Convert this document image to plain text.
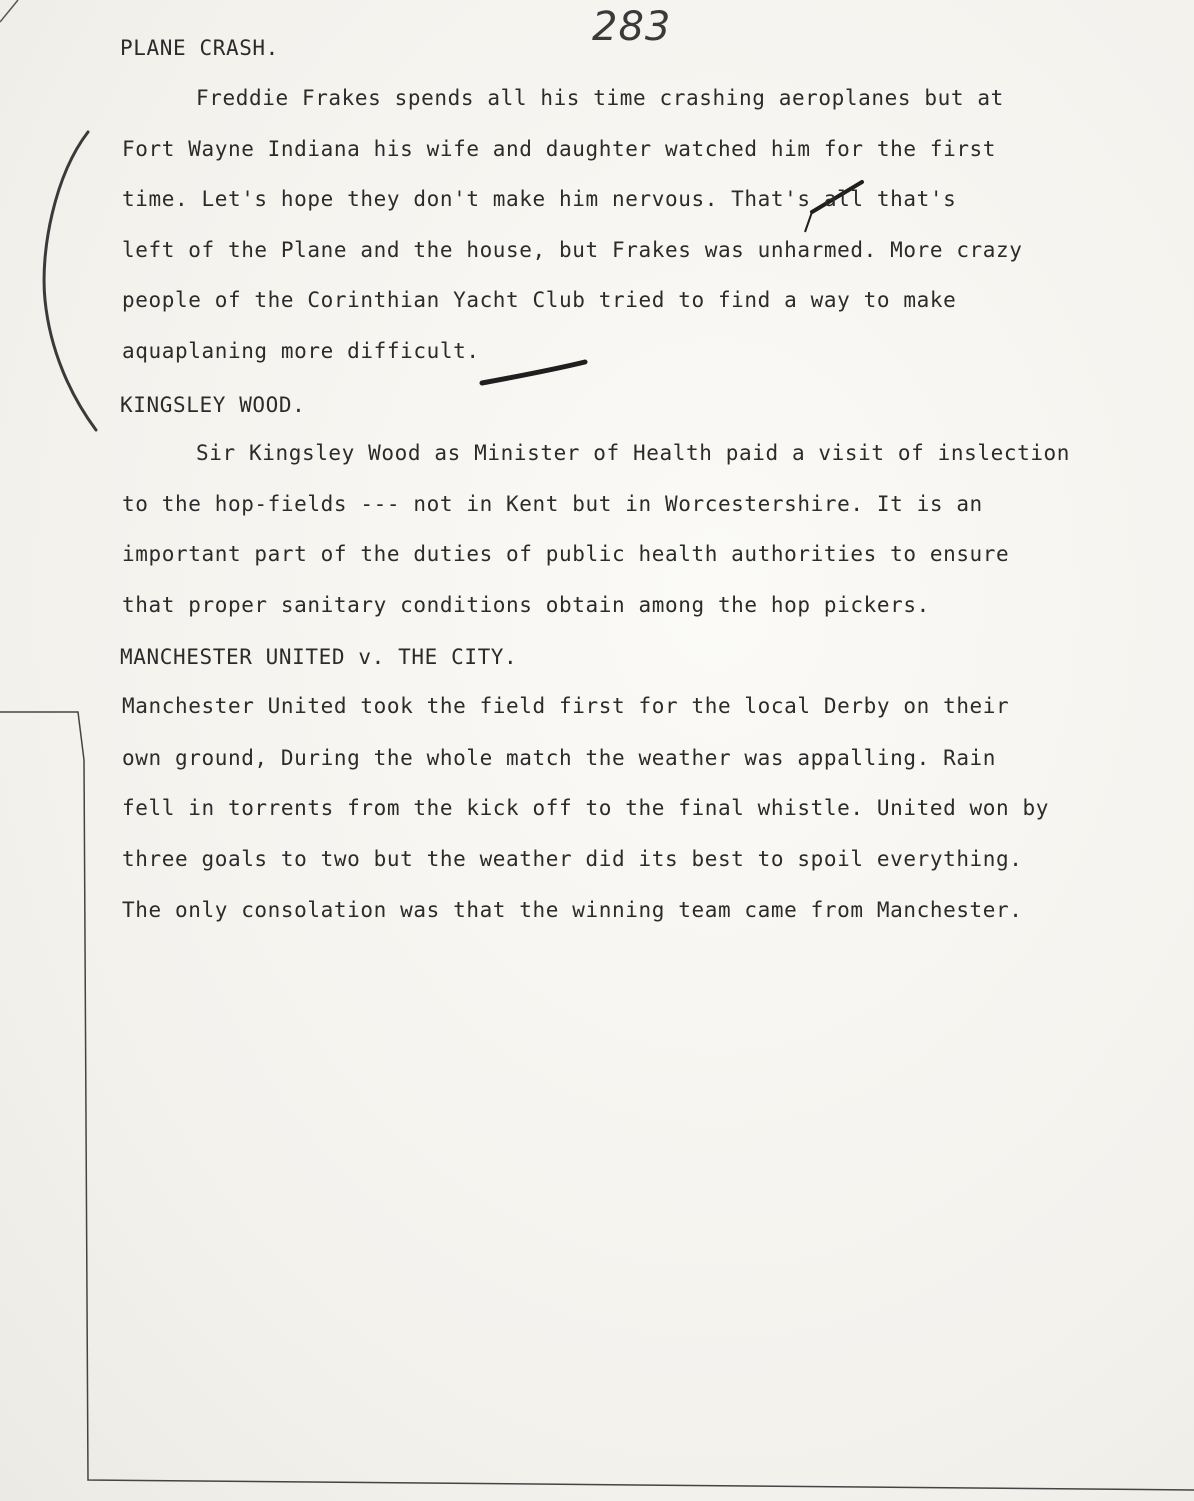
283
PLANE CRASH.
Freddie Frakes spends all his time crashing aeroplanes but at
Fort Wayne Indiana his wife and daughter watched him for the first
time. Let's hope they don't make him nervous. That's all that's
left of the Plane and the house, but Frakes was unharmed. More crazy
people of the Corinthian Yacht Club tried to find a way to make
aquaplaning more difficult.
KINGSLEY WOOD.
Sir Kingsley Wood as Minister of Health paid a visit of inslection
to the hop-fields --- not in Kent but in Worcestershire. It is an
important part of the duties of public health authorities to ensure
that proper sanitary conditions obtain among the hop pickers.
MANCHESTER UNITED v. THE CITY.
Manchester United took the field first for the local Derby on their
own ground, During the whole match the weather was appalling. Rain
fell in torrents from the kick off to the final whistle. United won by
three goals to two but the weather did its best to spoil everything.
The only consolation was that the winning team came from Manchester.
